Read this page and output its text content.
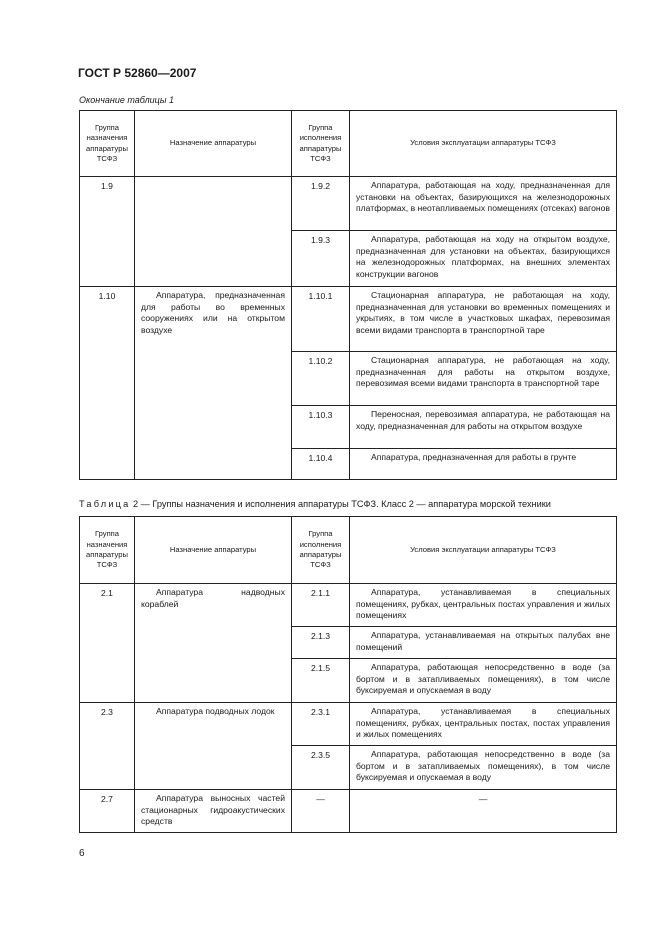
ГОСТ Р 52860—2007
Окончание таблицы 1
Группа назначения аппаратуры ТСФЗ	Назначение аппаратуры	Группа исполнения аппаратуры ТСФЗ	Условия эксплуатации аппаратуры ТСФЗ
1.9		1.9.2	Аппаратура, работающая на ходу, предназначенная для установки на объектах, базирующихся на железнодорожных платформах, в неотапливаемых помещениях (отсеках) вагонов
		1.9.3	Аппаратура, работающая на ходу на открытом воздухе, предназначенная для установки на объектах, базирующихся на железнодорожных платформах, на внешних элементах конструкции вагонов
1.10	Аппаратура, предназначенная для работы во временных сооружениях или на открытом воздухе	1.10.1	Стационарная аппаратура, не работающая на ходу, предназначенная для установки во временных помещениях и укрытиях, в том числе в участковых шкафах, перевозимая всеми видами транспорта в транспортной таре
		1.10.2	Стационарная аппаратура, не работающая на ходу, предназначенная для работы на открытом воздухе, перевозимая всеми видами транспорта в транспортной таре
		1.10.3	Переносная, перевозимая аппаратура, не работающая на ходу, предназначенная для работы на открытом воздухе
		1.10.4	Аппаратура, предназначенная для работы в грунте
Таблица 2 — Группы назначения и исполнения аппаратуры ТСФЗ. Класс 2 — аппаратура морской техники
Группа назначения аппаратуры ТСФЗ	Назначение аппаратуры	Группа исполнения аппаратуры ТСФЗ	Условия эксплуатации аппаратуры ТСФЗ
2.1	Аппаратура надводных кораблей	2.1.1	Аппаратура, устанавливаемая в специальных помещениях, рубках, центральных постах управления и жилых помещениях
		2.1.3	Аппаратура, устанавливаемая на открытых палубах вне помещений
		2.1.5	Аппаратура, работающая непосредственно в воде (за бортом и в затапливаемых помещениях), в том числе буксируемая и опускаемая в воду
2.3	Аппаратура подводных лодок	2.3.1	Аппаратура, устанавливаемая в специальных помещениях, рубках, центральных постах, постах управления и жилых помещениях
		2.3.5	Аппаратура, работающая непосредственно в воде (за бортом и в затапливаемых помещениях), в том числе буксируемая и опускаемая в воду
2.7	Аппаратура выносных частей стационарных гидроакустических средств	—	—
6
